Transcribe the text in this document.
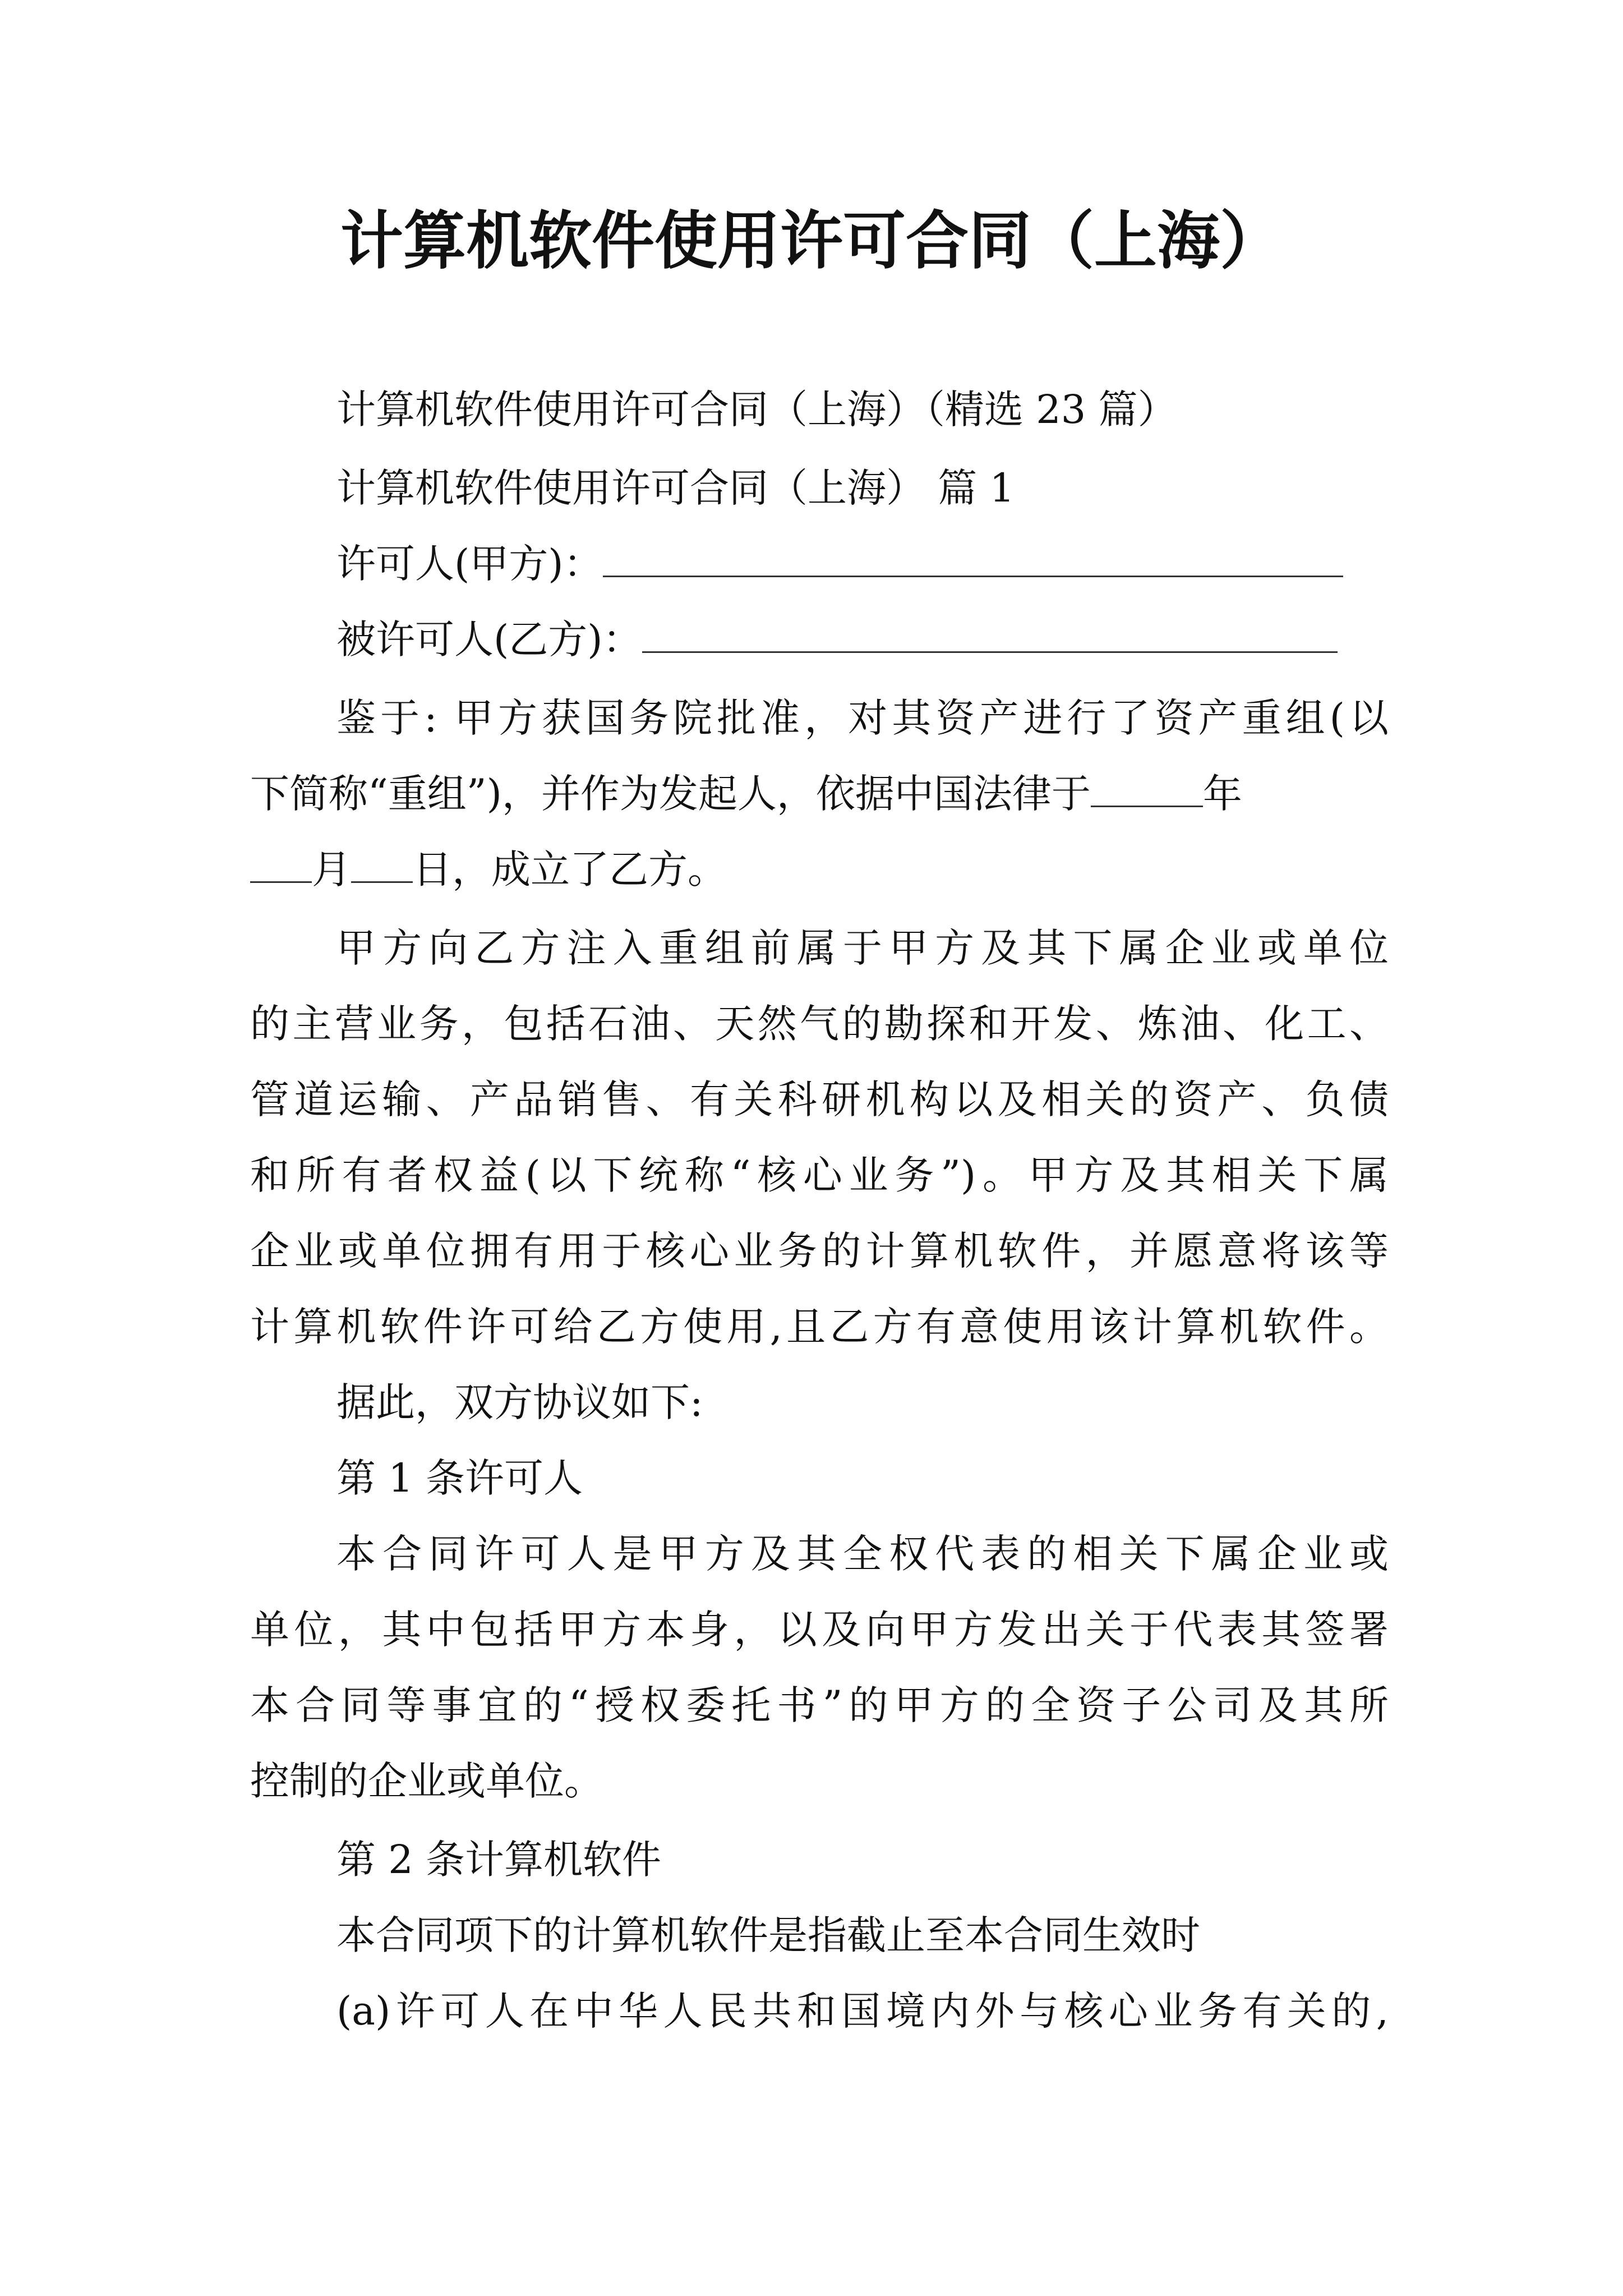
计算机软件使用许可合同（上海）
计算机软件使用许可合同（上海）（精选 23 篇）
计算机软件使用许可合同（上海） 篇 1
许可人(甲方)：
被许可人(乙方)：
鉴于: 甲方获国务院批准，对其资产进行了资产重组(以
下简称“重组”)，并作为发起人，依据中国法律于	年
月 日，成立了乙方。
甲方向乙方注入重组前属于甲方及其下属企业或单位
的主营业务，包括石油、天然气的勘探和开发、炼油、化工、
管道运输、产品销售、有关科研机构以及相关的资产、负债
和所有者权益(以下统称“核心业务”)。甲方及其相关下属
企业或单位拥有用于核心业务的计算机软件，并愿意将该等
计算机软件许可给乙方使用,且乙方有意使用该计算机软件。
据此，双方协议如下:
第 1 条许可人
本合同许可人是甲方及其全权代表的相关下属企业或
单位，其中包括甲方本身，以及向甲方发出关于代表其签署
本合同等事宜的“授权委托书”的甲方的全资子公司及其所
控制的企业或单位。
第 2 条计算机软件
本合同项下的计算机软件是指截止至本合同生效时
(a)许可人在中华人民共和国境内外与核心业务有关的,
